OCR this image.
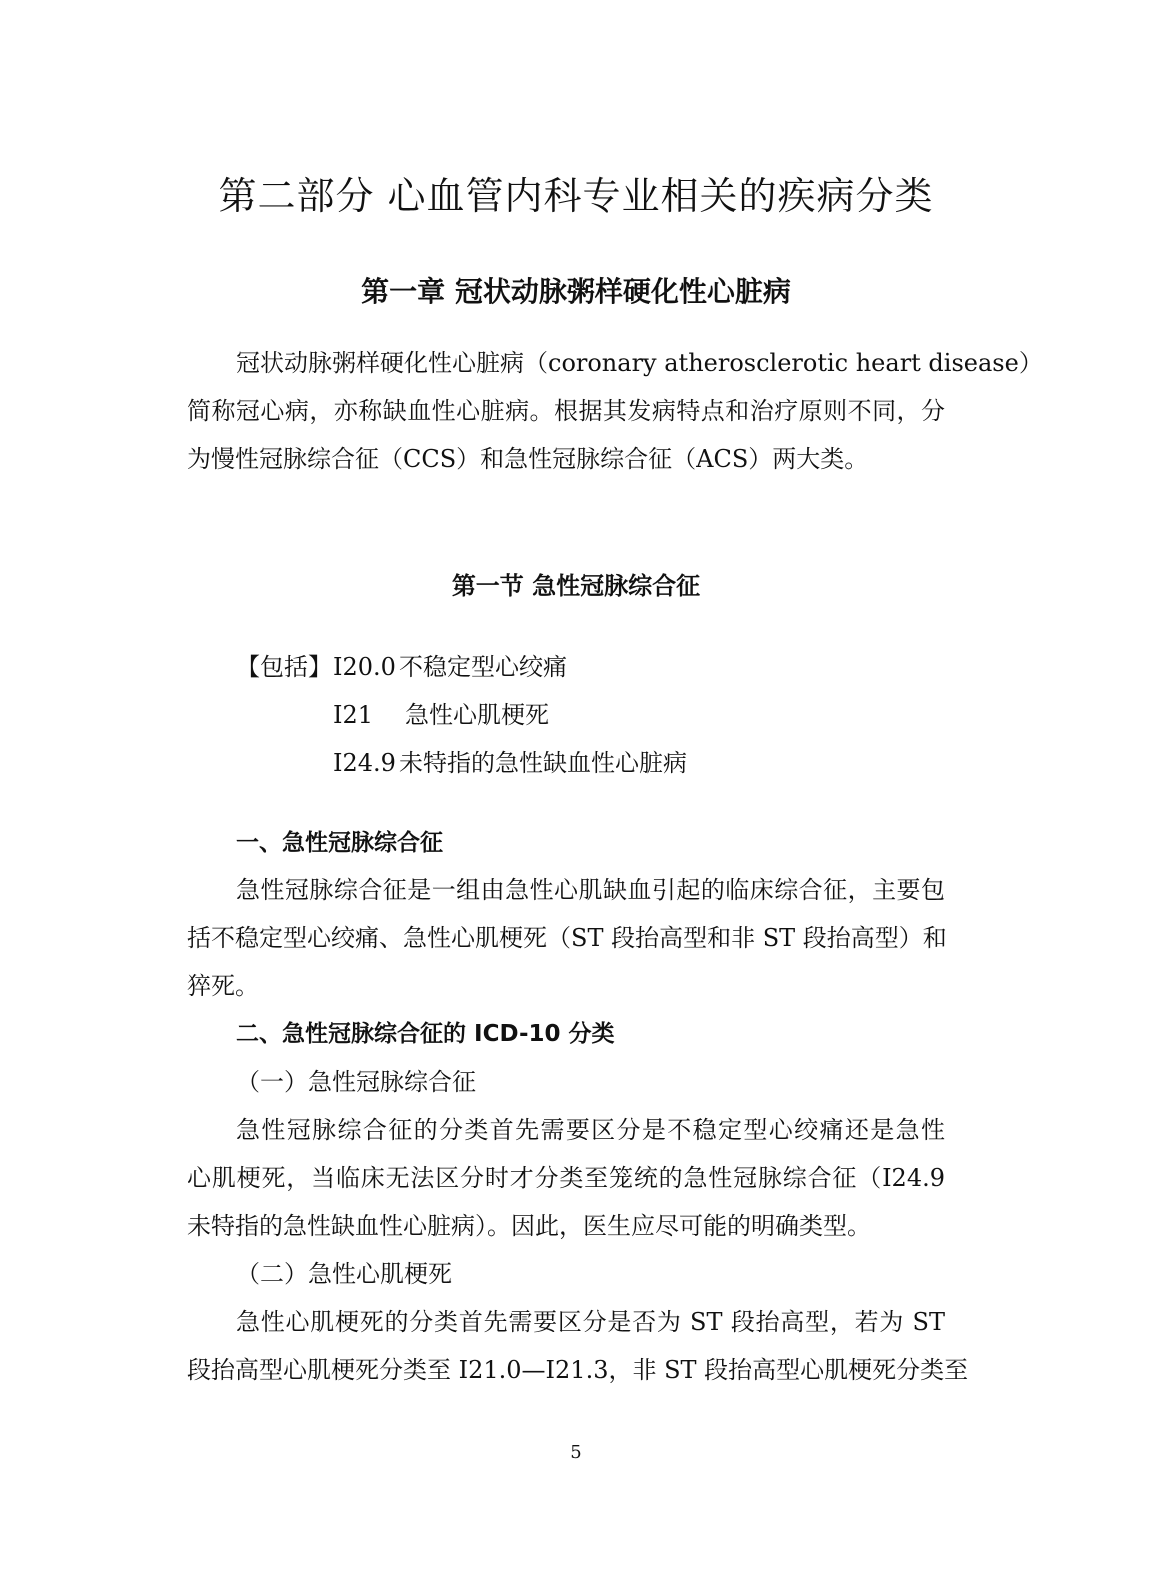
第二部分 心血管内科专业相关的疾病分类
第一章 冠状动脉粥样硬化性心脏病
冠状动脉粥样硬化性心脏病（coronary atherosclerotic heart disease）
简称冠心病，亦称缺血性心脏病。根据其发病特点和治疗原则不同，分
为慢性冠脉综合征（CCS）和急性冠脉综合征（ACS）两大类。
第一节 急性冠脉综合征
【包括】 I20.0 不稳定型心绞痛
I21 急性心肌梗死
I24.9 未特指的急性缺血性心脏病
一、急性冠脉综合征
急性冠脉综合征是一组由急性心肌缺血引起的临床综合征，主要包
括不稳定型心绞痛、急性心肌梗死（ST 段抬高型和非 ST 段抬高型）和
猝死。
二、急性冠脉综合征的 ICD-10 分类
（一）急性冠脉综合征
急性冠脉综合征的分类首先需要区分是不稳定型心绞痛还是急性
心肌梗死，当临床无法区分时才分类至笼统的急性冠脉综合征（I24.9
未特指的急性缺血性心脏病）。因此，医生应尽可能的明确类型。
（二）急性心肌梗死
急性心肌梗死的分类首先需要区分是否为 ST 段抬高型，若为 ST
段抬高型心肌梗死分类至 I21.0—I21.3，非 ST 段抬高型心肌梗死分类至
5
